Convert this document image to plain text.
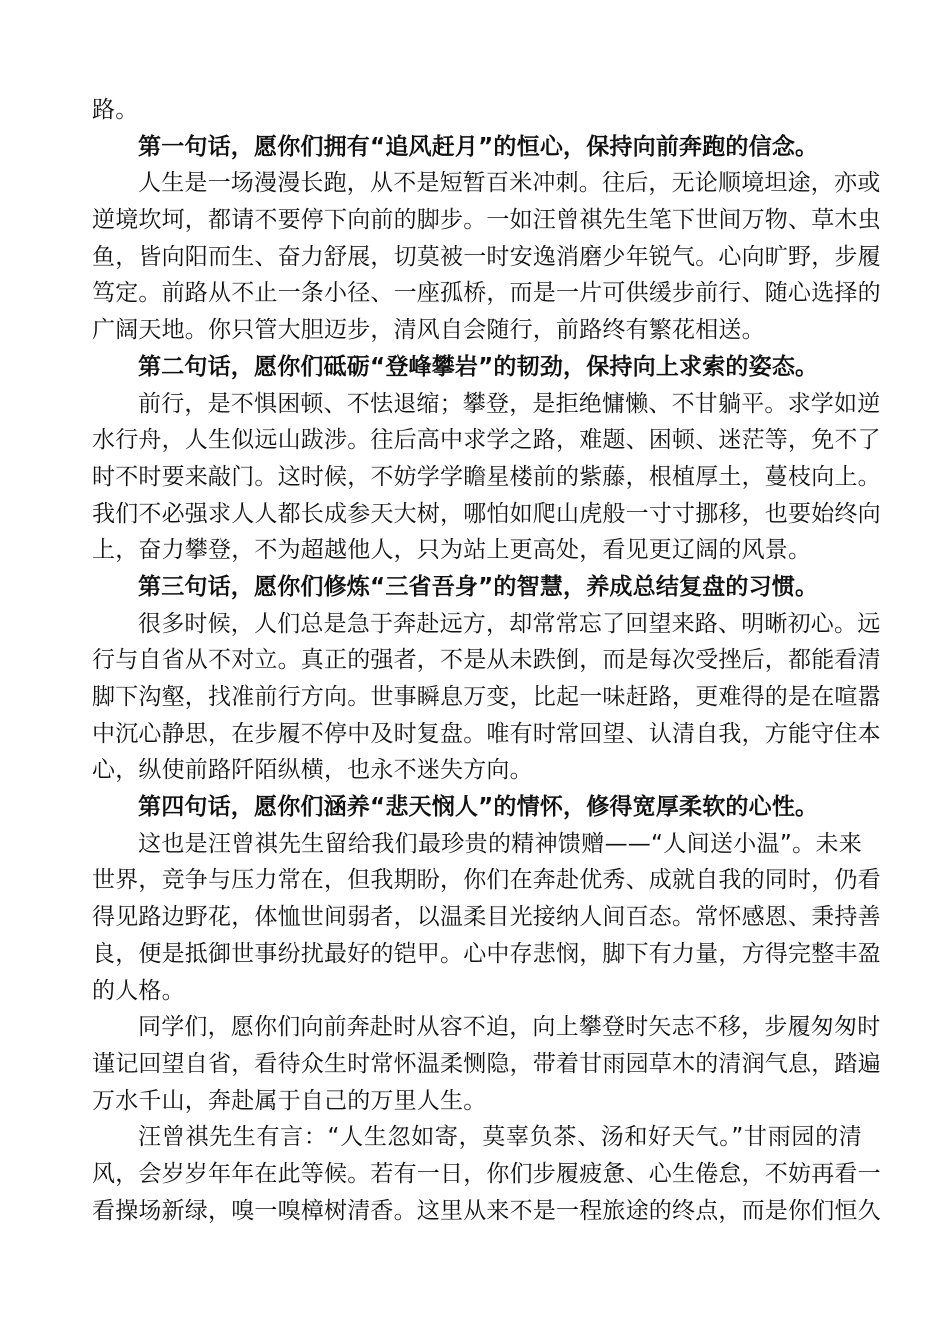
路。
第一句话，愿你们拥有“追风赶月”的恒心，保持向前奔跑的信念。
人生是一场漫漫长跑，从不是短暂百米冲刺。往后，无论顺境坦途，亦或
逆境坎坷，都请不要停下向前的脚步。一如汪曾祺先生笔下世间万物、草木虫
鱼，皆向阳而生、奋力舒展，切莫被一时安逸消磨少年锐气。心向旷野，步履
笃定。前路从不止一条小径、一座孤桥，而是一片可供缓步前行、随心选择的
广阔天地。你只管大胆迈步，清风自会随行，前路终有繁花相送。
第二句话，愿你们砥砺“登峰攀岩”的韧劲，保持向上求索的姿态。
前行，是不惧困顿、不怯退缩；攀登，是拒绝慵懒、不甘躺平。求学如逆
水行舟，人生似远山跋涉。往后高中求学之路，难题、困顿、迷茫等，免不了
时不时要来敲门。这时候，不妨学学瞻星楼前的紫藤，根植厚土，蔓枝向上。
我们不必强求人人都长成参天大树，哪怕如爬山虎般一寸寸挪移，也要始终向
上，奋力攀登，不为超越他人，只为站上更高处，看见更辽阔的风景。
第三句话，愿你们修炼“三省吾身”的智慧，养成总结复盘的习惯。
很多时候，人们总是急于奔赴远方，却常常忘了回望来路、明晰初心。远
行与自省从不对立。真正的强者，不是从未跌倒，而是每次受挫后，都能看清
脚下沟壑，找准前行方向。世事瞬息万变，比起一味赶路，更难得的是在喧嚣
中沉心静思，在步履不停中及时复盘。唯有时常回望、认清自我，方能守住本
心，纵使前路阡陌纵横，也永不迷失方向。
第四句话，愿你们涵养“悲天悯人”的情怀，修得宽厚柔软的心性。
这也是汪曾祺先生留给我们最珍贵的精神馈赠——“人间送小温”。未来
世界，竞争与压力常在，但我期盼，你们在奔赴优秀、成就自我的同时，仍看
得见路边野花，体恤世间弱者，以温柔目光接纳人间百态。常怀感恩、秉持善
良，便是抵御世事纷扰最好的铠甲。心中存悲悯，脚下有力量，方得完整丰盈
的人格。
同学们，愿你们向前奔赴时从容不迫，向上攀登时矢志不移，步履匆匆时
谨记回望自省，看待众生时常怀温柔恻隐，带着甘雨园草木的清润气息，踏遍
万水千山，奔赴属于自己的万里人生。
汪曾祺先生有言：“人生忽如寄，莫辜负茶、汤和好天气。”甘雨园的清
风，会岁岁年年在此等候。若有一日，你们步履疲惫、心生倦怠，不妨再看一
看操场新绿，嗅一嗅樟树清香。这里从来不是一程旅途的终点，而是你们恒久
